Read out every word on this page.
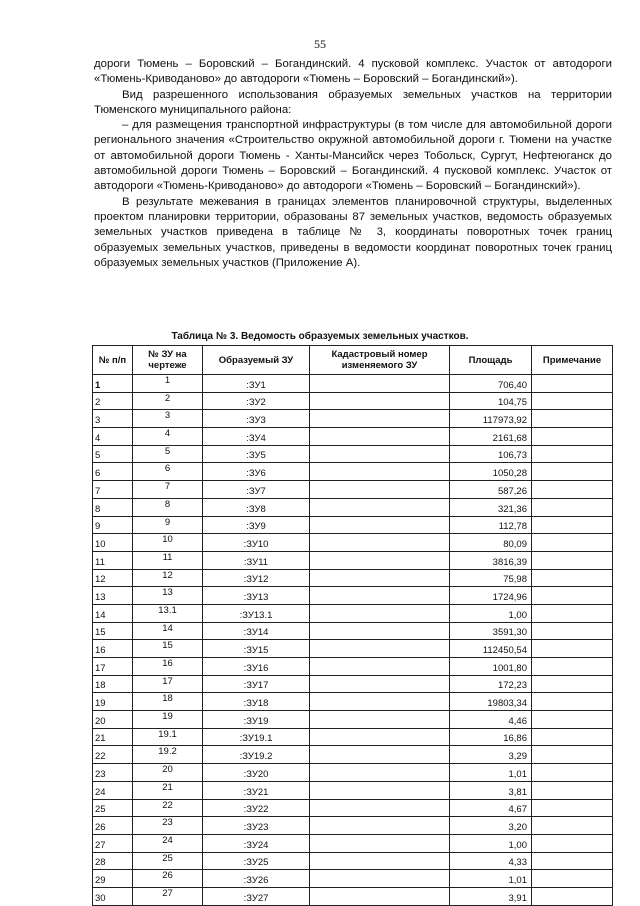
55

дороги Тюмень – Боровский – Богандинский. 4 пусковой комплекс. Участок от автодороги «Тюмень-Криводаново» до автодороги «Тюмень – Боровский – Богандинский»).

Вид разрешенного использования образуемых земельных участков на территории Тюменского муниципального района:

– для размещения транспортной инфраструктуры (в том числе для автомобильной дороги регионального значения «Строительство окружной автомобильной дороги г. Тюмени на участке от автомобильной дороги Тюмень - Ханты-Мансийск через Тобольск, Сургут, Нефтеюганск до автомобильной дороги Тюмень – Боровский – Богандинский. 4 пусковой комплекс. Участок от автодороги «Тюмень-Криводаново» до автодороги «Тюмень – Боровский – Богандинский»).

В результате межевания в границах элементов планировочной структуры, выделенных проектом планировки территории, образованы 87 земельных участков, ведомость образуемых земельных участков приведена в таблице № 3, координаты поворотных точек границ образуемых земельных участков, приведены в ведомости координат поворотных точек границ образуемых земельных участков (Приложение А).

Таблица № 3. Ведомость образуемых земельных участков.
№ п/п	№ ЗУ на чертеже	Образуемый ЗУ	Кадастровый номер изменяемого ЗУ	Площадь	Примечание
1	1	:ЗУ1		706,40	
2	2	:ЗУ2		104,75	
3	3	:ЗУ3		117973,92	
4	4	:ЗУ4		2161,68	
5	5	:ЗУ5		106,73	
6	6	:ЗУ6		1050,28	
7	7	:ЗУ7		587,26	
8	8	:ЗУ8		321,36	
9	9	:ЗУ9		112,78	
10	10	:ЗУ10		80,09	
11	11	:ЗУ11		3816,39	
12	12	:ЗУ12		75,98	
13	13	:ЗУ13		1724,96	
14	13.1	:ЗУ13.1		1,00	
15	14	:ЗУ14		3591,30	
16	15	:ЗУ15		112450,54	
17	16	:ЗУ16		1001,80	
18	17	:ЗУ17		172,23	
19	18	:ЗУ18		19803,34	
20	19	:ЗУ19		4,46	
21	19.1	:ЗУ19.1		16,86	
22	19.2	:ЗУ19.2		3,29	
23	20	:ЗУ20		1,01	
24	21	:ЗУ21		3,81	
25	22	:ЗУ22		4,67	
26	23	:ЗУ23		3,20	
27	24	:ЗУ24		1,00	
28	25	:ЗУ25		4,33	
29	26	:ЗУ26		1,01	
30	27	:ЗУ27		3,91	
